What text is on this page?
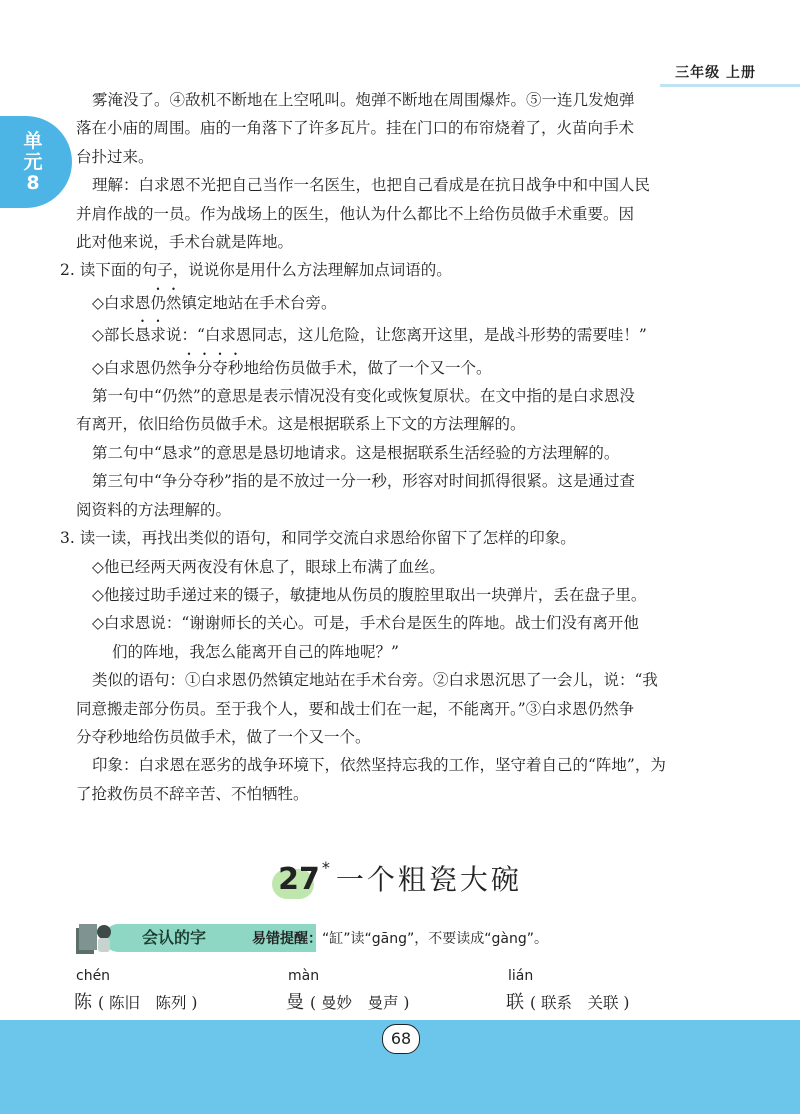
三年级 上册
单元8

雾淹没了。④敌机不断地在上空吼叫。炮弹不断地在周围爆炸。⑤一连几发炮弹

落在小庙的周围。庙的一角落下了许多瓦片。挂在门口的布帘烧着了，火苗向手术

台扑过来。

理解：白求恩不光把自己当作一名医生，也把自己看成是在抗日战争中和中国人民

并肩作战的一员。作为战场上的医生，他认为什么都比不上给伤员做手术重要。因

此对他来说，手术台就是阵地。

2. 读下面的句子，说说你是用什么方法理解加点词语的。

◇白求恩仍然镇定地站在手术台旁。

◇部长恳求说：“白求恩同志，这儿危险，让您离开这里，是战斗形势的需要哇！”

◇白求恩仍然争分夺秒地给伤员做手术，做了一个又一个。

第一句中“仍然”的意思是表示情况没有变化或恢复原状。在文中指的是白求恩没

有离开，依旧给伤员做手术。这是根据联系上下文的方法理解的。

第二句中“恳求”的意思是恳切地请求。这是根据联系生活经验的方法理解的。

第三句中“争分夺秒”指的是不放过一分一秒，形容对时间抓得很紧。这是通过查

阅资料的方法理解的。

3. 读一读，再找出类似的语句，和同学交流白求恩给你留下了怎样的印象。

◇他已经两天两夜没有休息了，眼球上布满了血丝。

◇他接过助手递过来的镊子，敏捷地从伤员的腹腔里取出一块弹片，丢在盘子里。

◇白求恩说：“谢谢师长的关心。可是，手术台是医生的阵地。战士们没有离开他

们的阵地，我怎么能离开自己的阵地呢？”

类似的语句：①白求恩仍然镇定地站在手术台旁。②白求恩沉思了一会儿，说：“我

同意搬走部分伤员。至于我个人，要和战士们在一起，不能离开。”③白求恩仍然争

分夺秒地给伤员做手术，做了一个又一个。

印象：白求恩在恶劣的战争环境下，依然坚持忘我的工作，坚守着自己的“阵地”，为

了抢救伤员不辞辛苦、不怕牺牲。

27 * 一个粗瓷大碗
会认的字	易错提醒：“缸”读“gāng”，不要读成“gàng”。
chén
陈 ( 陈旧　陈列 )
màn
曼 ( 曼妙　曼声 )
lián
联 ( 联系　关联 )
68
